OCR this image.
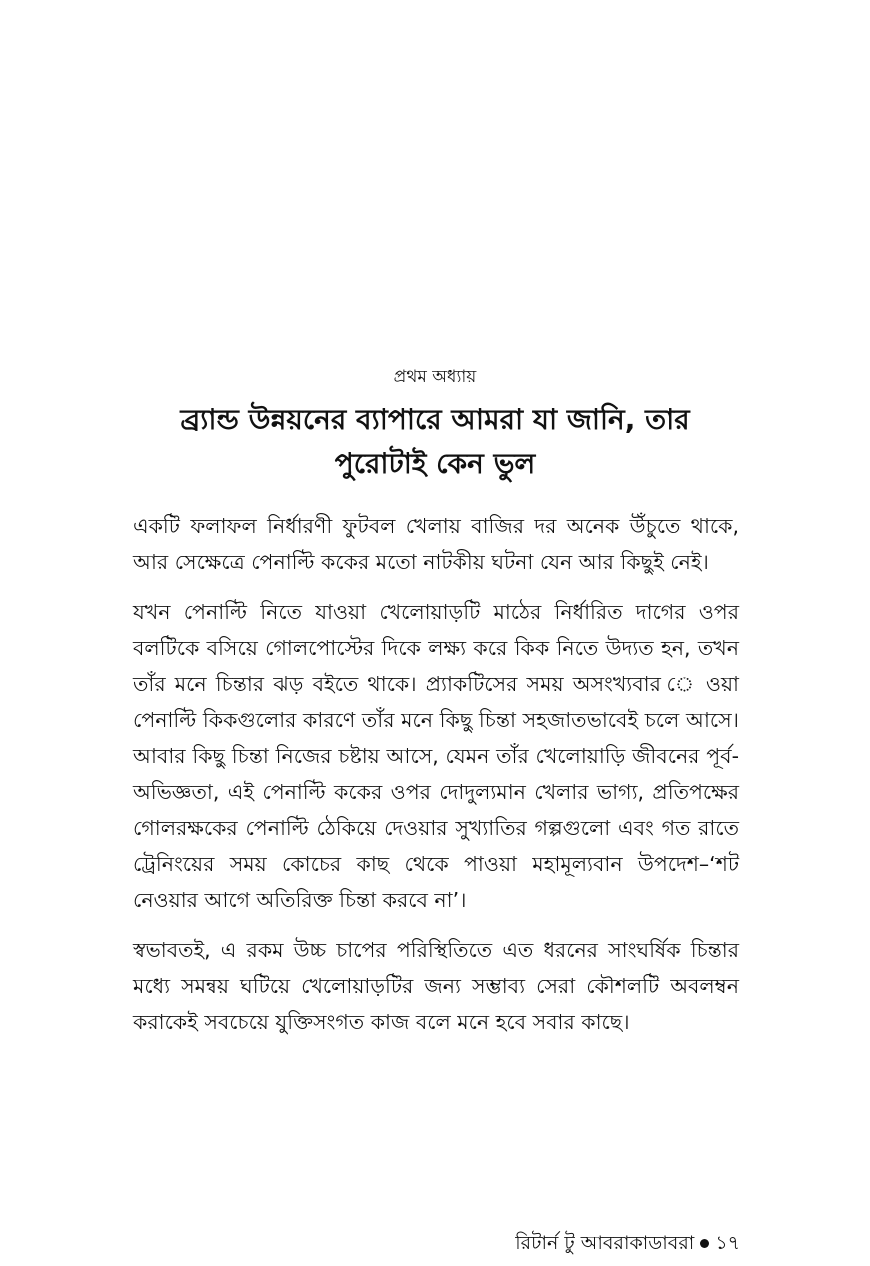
প্রথম অধ্যায়
ব্র্যান্ড উন্নয়নের ব্যাপারে আমরা যা জানি, তার
পুরোটাই কেন ভুল

একটি ফলাফল নির্ধারণী ফুটবল খেলায় বাজির দর অনেক উঁচুতে থাকে, আর সেক্ষেত্রে পেনাল্টি ককের মতো নাটকীয় ঘটনা যেন আর কিছুই নেই।

যখন পেনাল্টি নিতে যাওয়া খেলোয়াড়টি মাঠের নির্ধারিত দাগের ওপর বলটিকে বসিয়ে গোলপোস্টের দিকে লক্ষ্য করে কিক নিতে উদ্যত হন, তখন তাঁর মনে চিন্তার ঝড় বইতে থাকে। প্র্যাকটিসের সময় অসংখ্যবার ে ওয়া পেনাল্টি কিকগুলোর কারণে তাঁর মনে কিছু চিন্তা সহজাতভাবেই চলে আসে। আবার কিছু চিন্তা নিজের চষ্টায় আসে, যেমন তাঁর খেলোয়াড়ি জীবনের পূর্ব-অভিজ্ঞতা, এই পেনাল্টি ককের ওপর দোদুল্যমান খেলার ভাগ্য, প্রতিপক্ষের গোলরক্ষকের পেনাল্টি ঠেকিয়ে দেওয়ার সুখ্যাতির গল্পগুলো এবং গত রাতে ট্রেনিংয়ের সময় কোচের কাছ থেকে পাওয়া মহামূল্যবান উপদেশ–‘শট নেওয়ার আগে অতিরিক্ত চিন্তা করবে না’।

স্বভাবতই, এ রকম উচ্চ চাপের পরিস্থিতিতে এত ধরনের সাংঘর্ষিক চিন্তার মধ্যে সমন্বয় ঘটিয়ে খেলোয়াড়টির জন্য সম্ভাব্য সেরা কৌশলটি অবলম্বন করাকেই সবচেয়ে যুক্তিসংগত কাজ বলে মনে হবে সবার কাছে।

রিটার্ন টু আবরাকাডাবরা ১৭
